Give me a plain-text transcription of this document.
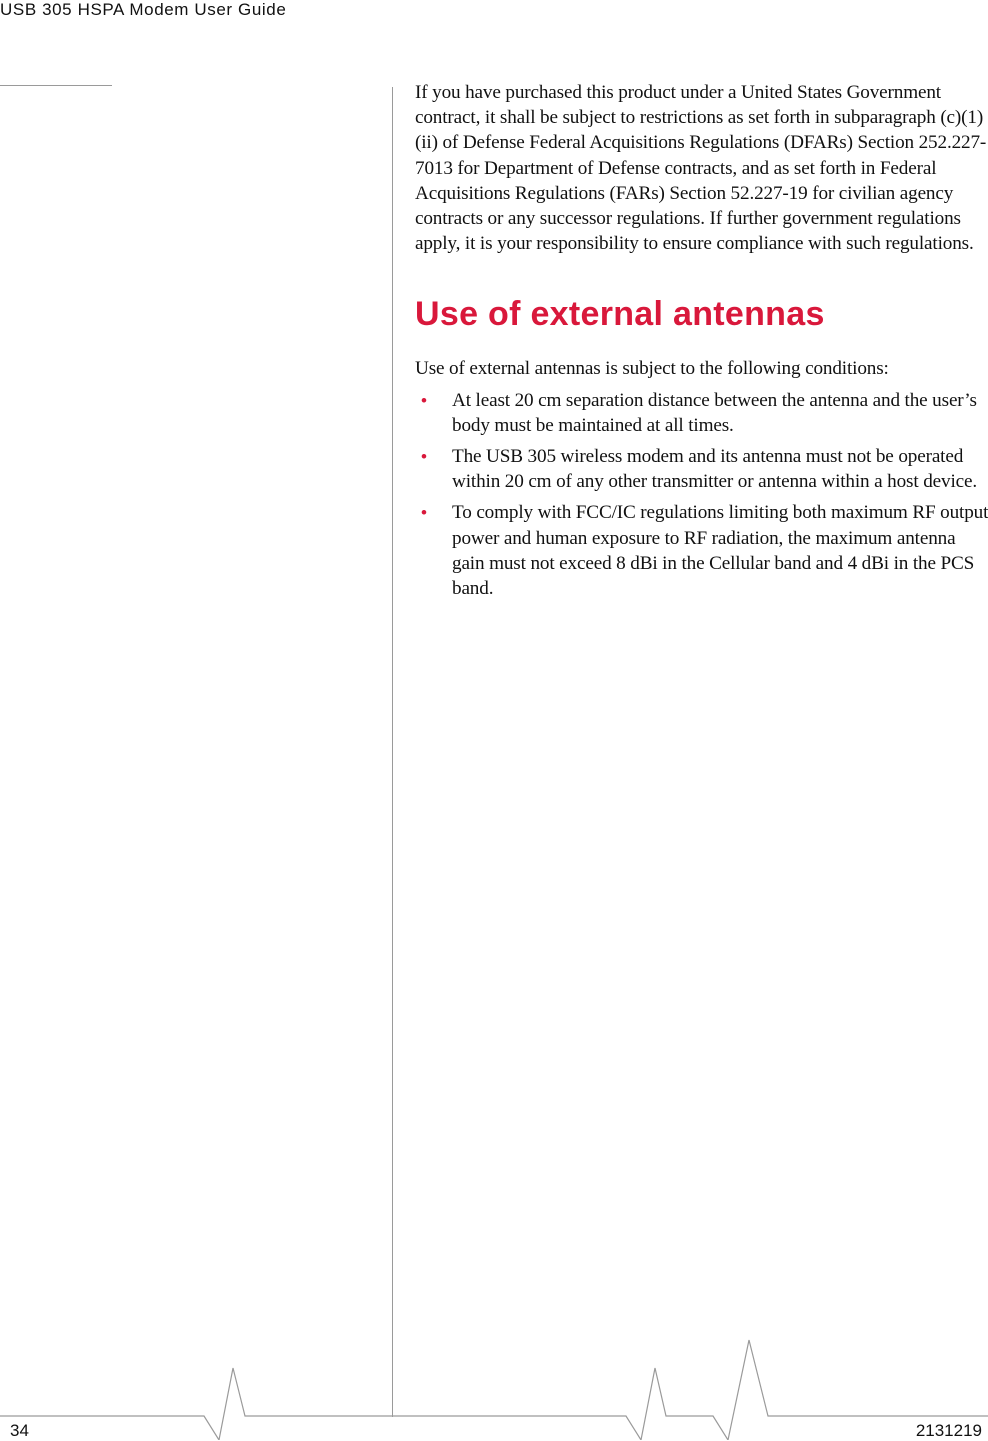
USB 305 HSPA Modem User Guide

If you have purchased this product under a United States Government contract, it shall be subject to restrictions as set forth in subparagraph (c)(1)(ii) of Defense Federal Acquisitions Regulations (DFARs) Section 252.227-7013 for Department of Defense contracts, and as set forth in Federal Acquisitions Regulations (FARs) Section 52.227-19 for civilian agency contracts or any successor regulations. If further government regulations apply, it is your responsibility to ensure compliance with such regulations.

Use of external antennas

Use of external antennas is subject to the following conditions:

• At least 20 cm separation distance between the antenna and the user’s body must be maintained at all times.
• The USB 305 wireless modem and its antenna must not be operated within 20 cm of any other transmitter or antenna within a host device.
• To comply with FCC/IC regulations limiting both maximum RF output power and human exposure to RF radiation, the maximum antenna gain must not exceed 8 dBi in the Cellular band and 4 dBi in the PCS band.
34	2131219
